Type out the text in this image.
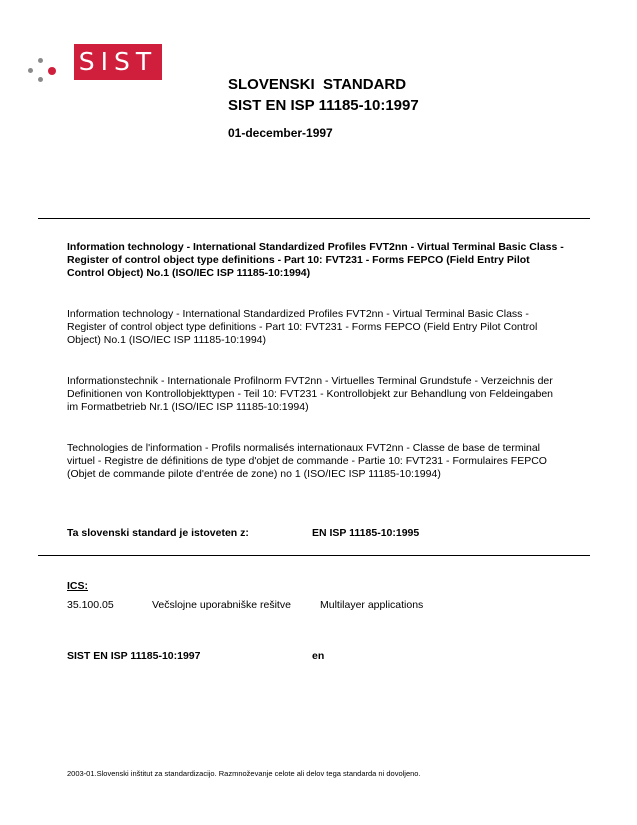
SIST
SLOVENSKI  STANDARD
SIST EN ISP 11185-10:1997
01-december-1997

Information technology - International Standardized Profiles FVT2nn - Virtual Terminal Basic Class - Register of control object type definitions - Part 10: FVT231 - Forms FEPCO (Field Entry Pilot Control Object) No.1 (ISO/IEC ISP 11185-10:1994)

Information technology - International Standardized Profiles FVT2nn - Virtual Terminal Basic Class - Register of control object type definitions - Part 10: FVT231 - Forms FEPCO (Field Entry Pilot Control Object) No.1 (ISO/IEC ISP 11185-10:1994)

Informationstechnik - Internationale Profilnorm FVT2nn - Virtuelles Terminal Grundstufe - Verzeichnis der Definitionen von Kontrollobjekttypen - Teil 10: FVT231 - Kontrollobjekt zur Behandlung von Feldeingaben im Formatbetrieb Nr.1 (ISO/IEC ISP 11185-10:1994)

Technologies de l'information - Profils normalisés internationaux FVT2nn - Classe de base de terminal virtuel - Registre de définitions de type d'objet de commande - Partie 10: FVT231 - Formulaires FEPCO (Objet de commande pilote d'entrée de zone) no 1 (ISO/IEC ISP 11185-10:1994)

Ta slovenski standard je istoveten z:	EN ISP 11185-10:1995
ICS:
35.100.05	Večslojne uporabniške rešitve	Multilayer applications
SIST EN ISP 11185-10:1997	en
2003-01.Slovenski inštitut za standardizacijo. Razmnoževanje celote ali delov tega standarda ni dovoljeno.
